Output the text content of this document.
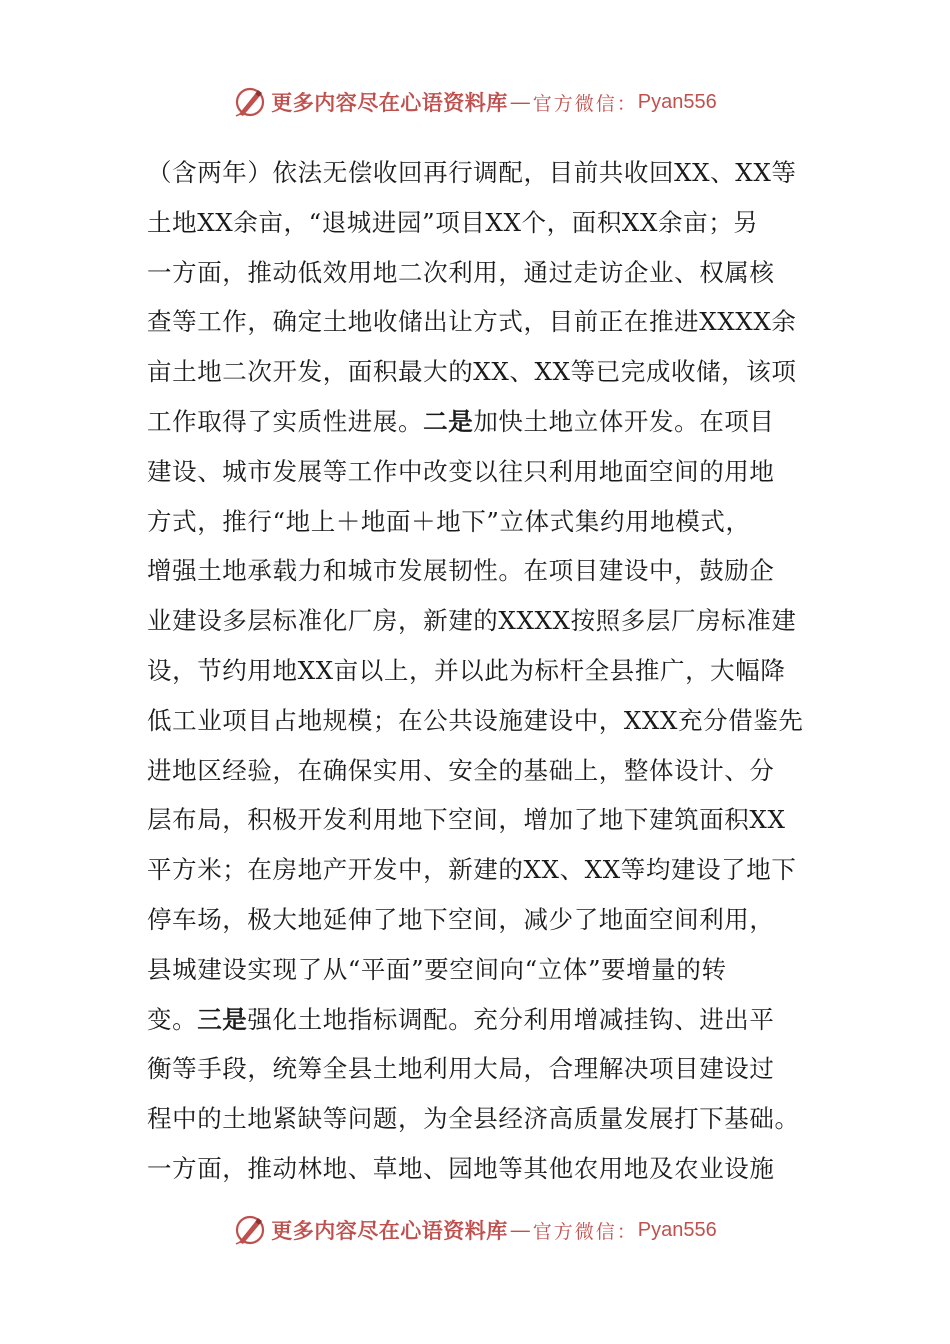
更多内容尽在心语资料库 — 官方微信： Pyan556
（含两年）依法无偿收回再行调配，目前共收回XX、XX等
土地XX余亩，“退城进园”项目XX个，面积XX余亩；另
一方面，推动低效用地二次利用，通过走访企业、权属核
查等工作，确定土地收储出让方式，目前正在推进XXXX余
亩土地二次开发，面积最大的XX、XX等已完成收储，该项
工作取得了实质性进展。二是加快土地立体开发。在项目
建设、城市发展等工作中改变以往只利用地面空间的用地
方式，推行“地上＋地面＋地下”立体式集约用地模式，
增强土地承载力和城市发展韧性。在项目建设中，鼓励企
业建设多层标准化厂房，新建的XXXX按照多层厂房标准建
设，节约用地XX亩以上，并以此为标杆全县推广，大幅降
低工业项目占地规模；在公共设施建设中，XXX充分借鉴先
进地区经验，在确保实用、安全的基础上，整体设计、分
层布局，积极开发利用地下空间，增加了地下建筑面积XX
平方米；在房地产开发中，新建的XX、XX等均建设了地下
停车场，极大地延伸了地下空间，减少了地面空间利用，
县城建设实现了从“平面”要空间向“立体”要增量的转
变。三是强化土地指标调配。充分利用增减挂钩、进出平
衡等手段，统筹全县土地利用大局，合理解决项目建设过
程中的土地紧缺等问题，为全县经济高质量发展打下基础。
一方面，推动林地、草地、园地等其他农用地及农业设施
更多内容尽在心语资料库 — 官方微信： Pyan556
